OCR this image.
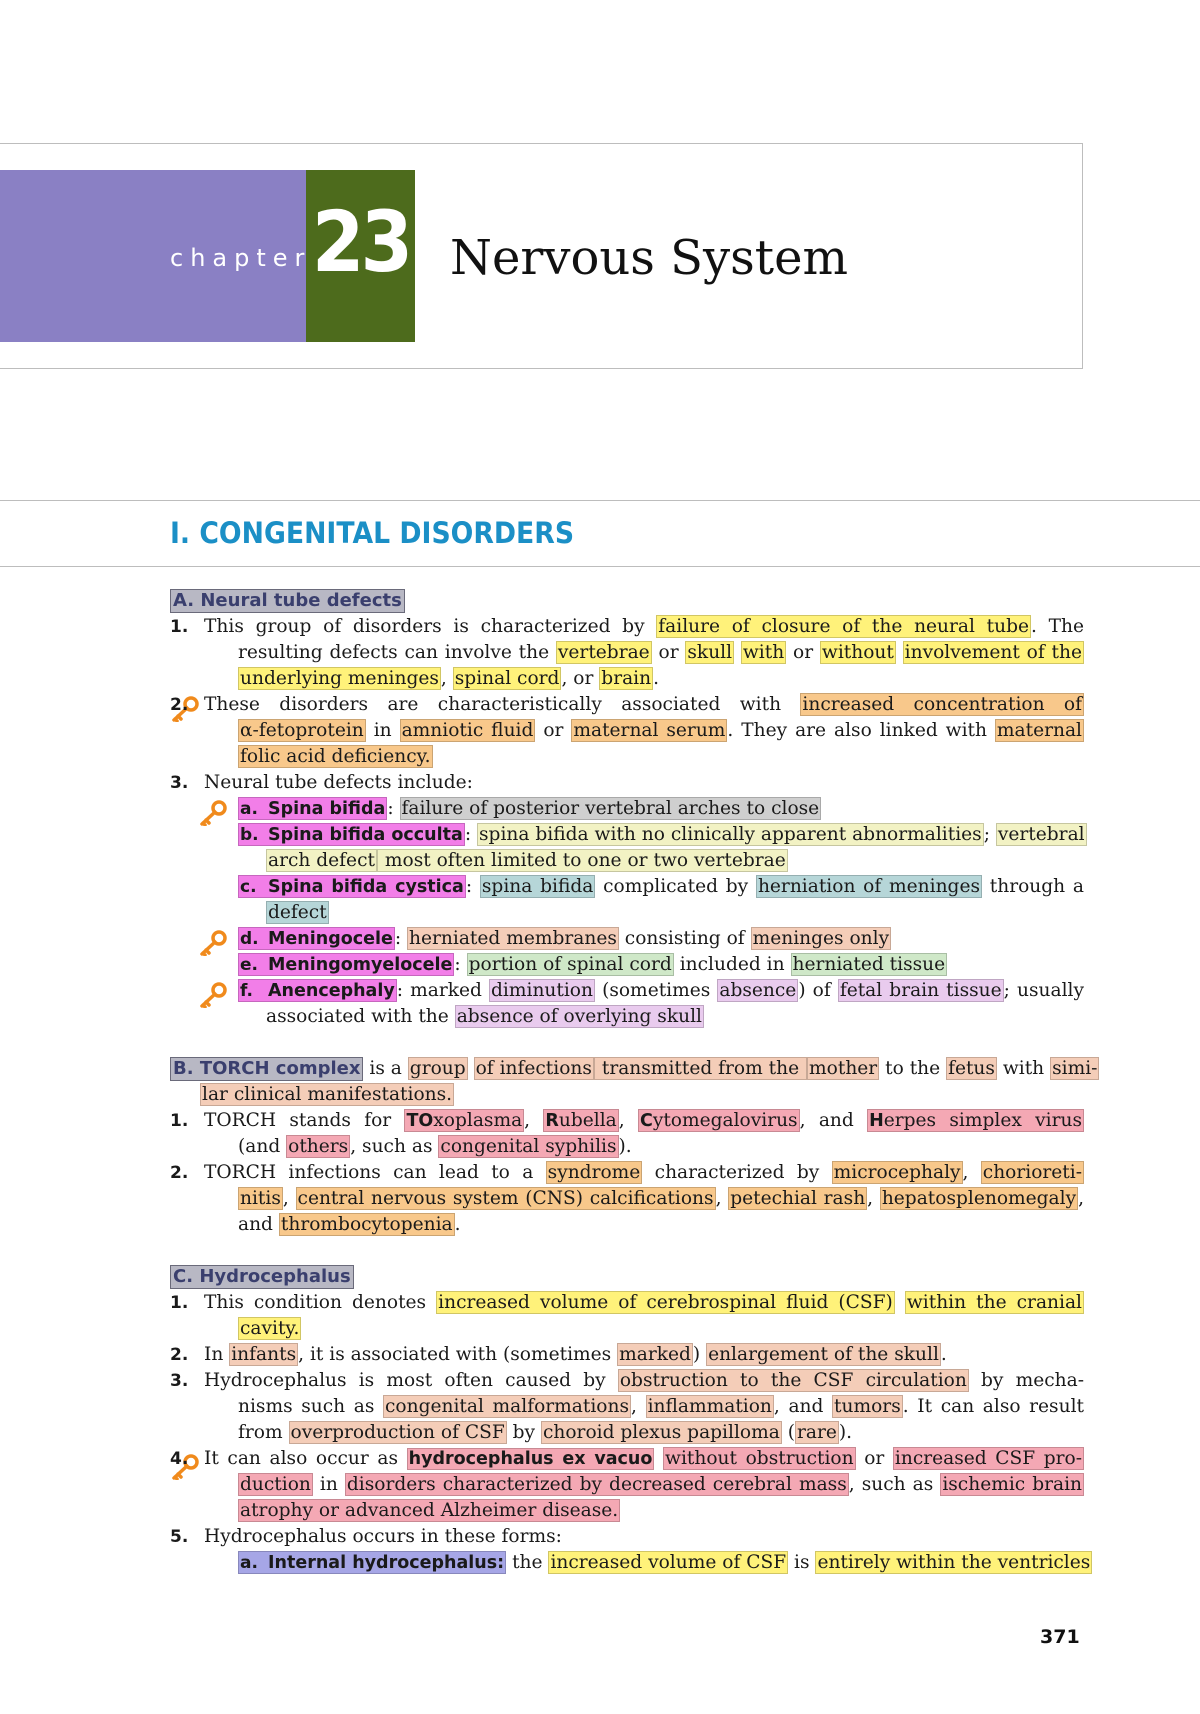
chapter 23 Nervous System
I. CONGENITAL DISORDERS
A. Neural tube defects
1. This group of disorders is characterized by failure of closure of the neural tube . The
resulting defects can involve the vertebrae or skull with or without involvement of the
underlying meninges , spinal cord , or brain .
2. These disorders are characteristically associated with increased concentration of
α-fetoprotein in amniotic fluid or maternal serum . They are also linked with maternal
folic acid deficiency.
3. Neural tube defects include:
a. Spina bifida : failure of posterior vertebral arches to close
b. Spina bifida occulta : spina bifida with no clinically apparent abnormalities ; vertebral
arch defect most often limited to one or two vertebrae
c. Spina bifida cystica : spina bifida complicated by herniation of meninges through a
defect
d. Meningocele : herniated membranes consisting of meninges only
e. Meningomyelocele : portion of spinal cord included in herniated tissue
f. Anencephaly : marked diminution (sometimes absence ) of fetal brain tissue ; usually
associated with the absence of overlying skull
B. TORCH complex is a group of infections transmitted from the mother to the fetus with simi-
lar clinical manifestations.
1. TORCH stands for TOxoplasma , Rubella , Cytomegalovirus , and Herpes simplex virus
(and others , such as congenital syphilis ).
2. TORCH infections can lead to a syndrome characterized by microcephaly , chorioreti-
nitis , central nervous system (CNS) calcifications , petechial rash , hepatosplenomegaly ,
and thrombocytopenia .
C. Hydrocephalus
1. This condition denotes increased volume of cerebrospinal fluid (CSF) within the cranial
cavity.
2. In infants , it is associated with (sometimes marked ) enlargement of the skull .
3. Hydrocephalus is most often caused by obstruction to the CSF circulation by mecha-
nisms such as congenital malformations , inflammation , and tumors . It can also result
from overproduction of CSF by choroid plexus papilloma ( rare ).
4. It can also occur as hydrocephalus ex vacuo without obstruction or increased CSF pro-
duction in disorders characterized by decreased cerebral mass , such as ischemic brain
atrophy or advanced Alzheimer disease.
5. Hydrocephalus occurs in these forms:
a. Internal hydrocephalus: the increased volume of CSF is entirely within the ventricles
371
